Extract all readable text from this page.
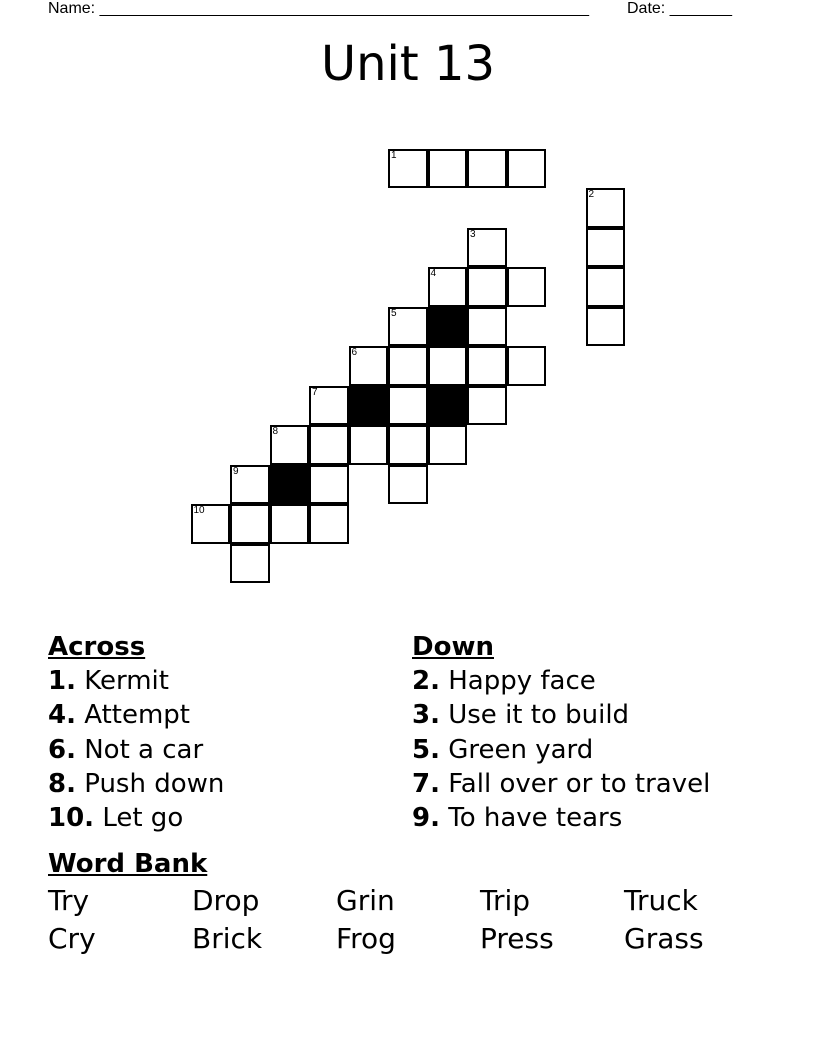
Name: _______________________________________________________ Date: _______
Unit 13
1
2
3
4
5
6
7
8
9
10
Across
1. Kermit
4. Attempt
6. Not a car
8. Push down
10. Let go
Down
2. Happy face
3. Use it to build
5. Green yard
7. Fall over or to travel
9. To have tears
Word Bank
Try	Drop	Grin	Trip	Truck
Cry	Brick	Frog	Press	Grass
